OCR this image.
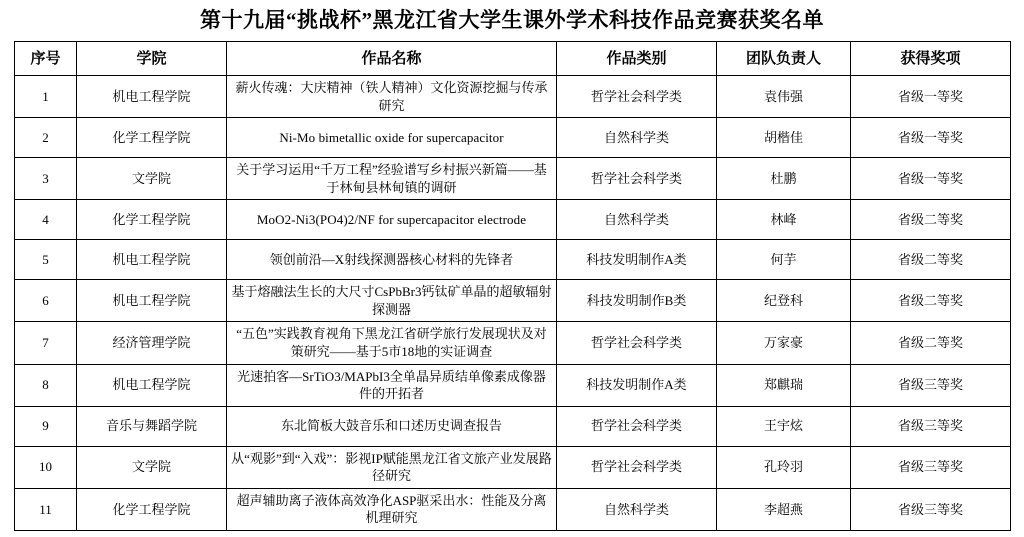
第十九届“挑战杯”黑龙江省大学生课外学术科技作品竞赛获奖名单
序号	学院	作品名称	作品类别	团队负责人	获得奖项
1	机电工程学院	薪火传魂：大庆精神（铁人精神）文化资源挖掘与传承研究	哲学社会科学类	袁伟强	省级一等奖
2	化学工程学院	Ni-Mo bimetallic oxide for supercapacitor	自然科学类	胡楷佳	省级一等奖
3	文学院	关于学习运用“千万工程”经验谱写乡村振兴新篇——基于林甸县林甸镇的调研	哲学社会科学类	杜鹏	省级一等奖
4	化学工程学院	MoO2-Ni3(PO4)2/NF for supercapacitor electrode	自然科学类	林峰	省级二等奖
5	机电工程学院	领创前沿—X射线探测器核心材料的先锋者	科技发明制作A类	何芋	省级二等奖
6	机电工程学院	基于熔融法生长的大尺寸CsPbBr3钙钛矿单晶的超敏辐射探测器	科技发明制作B类	纪登科	省级二等奖
7	经济管理学院	“五色”实践教育视角下黑龙江省研学旅行发展现状及对策研究——基于5市18地的实证调查	哲学社会科学类	万家豪	省级二等奖
8	机电工程学院	光速拍客—SrTiO3/MAPbI3全单晶异质结单像素成像器件的开拓者	科技发明制作A类	郑麒瑞	省级三等奖
9	音乐与舞蹈学院	东北简板大鼓音乐和口述历史调查报告	哲学社会科学类	王宇炫	省级三等奖
10	文学院	从“观影”到“入戏”：影视IP赋能黑龙江省文旅产业发展路径研究	哲学社会科学类	孔玲羽	省级三等奖
11	化学工程学院	超声辅助离子液体高效净化ASP驱采出水：性能及分离机理研究	自然科学类	李超燕	省级三等奖
